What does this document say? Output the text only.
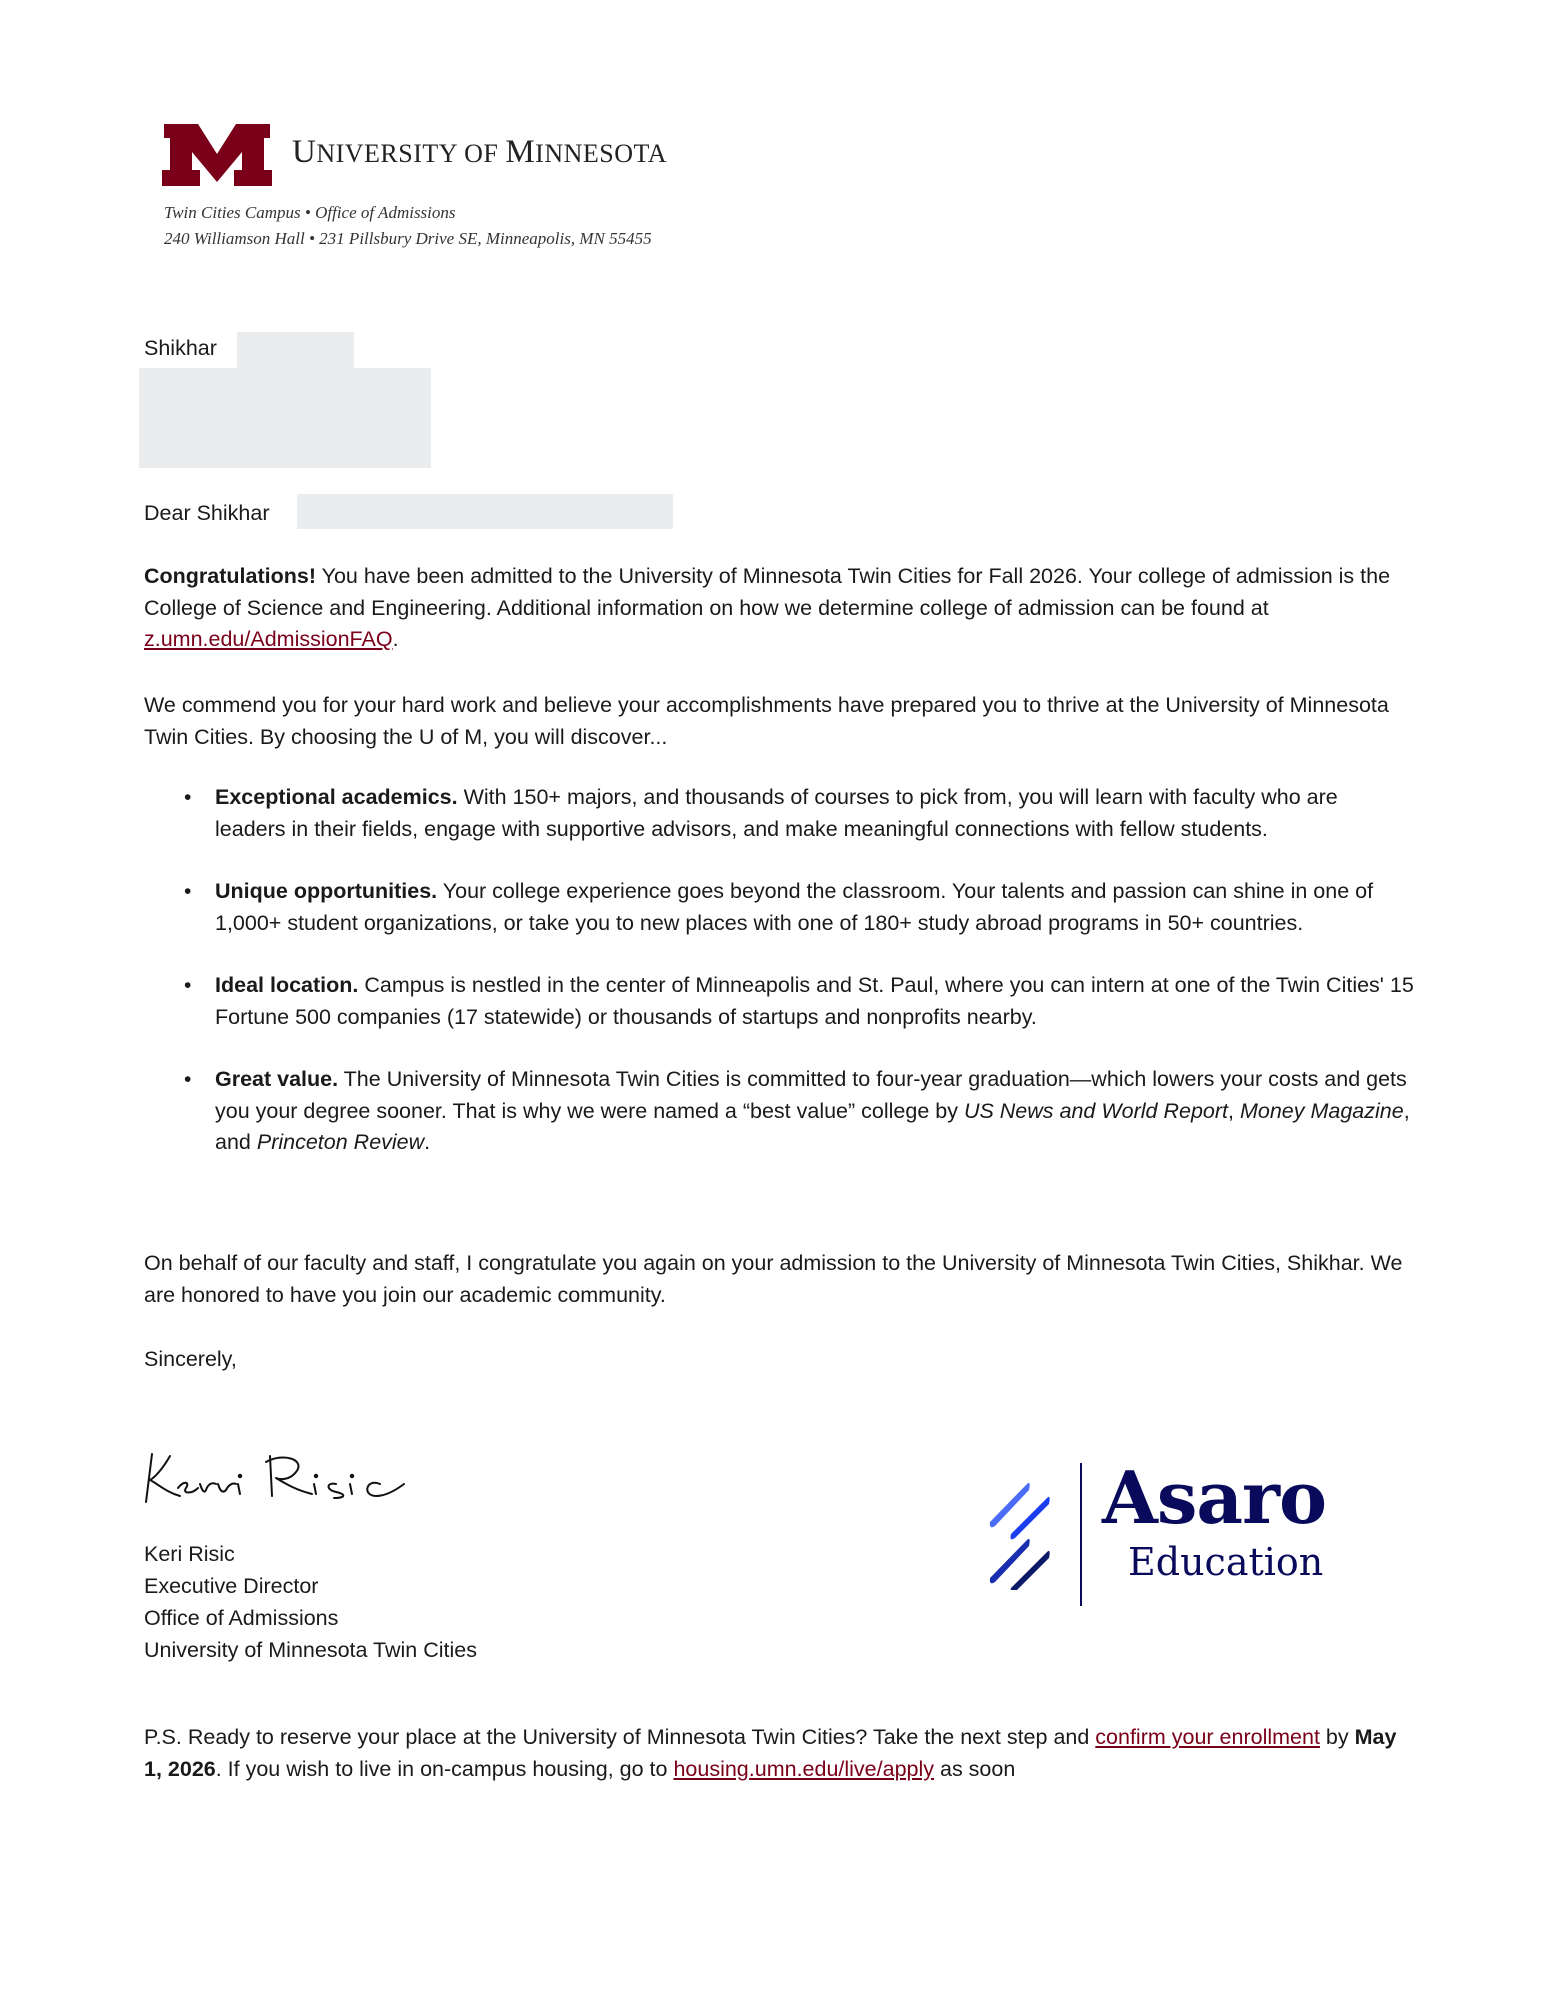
UNIVERSITY OF MINNESOTA
Twin Cities Campus • Office of Admissions
240 Williamson Hall • 231 Pillsbury Drive SE, Minneapolis, MN 55455
Shikhar
Dear Shikhar
Congratulations! You have been admitted to the University of Minnesota Twin Cities for Fall 2026. Your college of admission is the College of Science and Engineering. Additional information on how we determine college of admission can be found at z.umn.edu/AdmissionFAQ.
We commend you for your hard work and believe your accomplishments have prepared you to thrive at the University of Minnesota Twin Cities. By choosing the U of M, you will discover...
• Exceptional academics. With 150+ majors, and thousands of courses to pick from, you will learn with faculty who are leaders in their fields, engage with supportive advisors, and make meaningful connections with fellow students.
• Unique opportunities. Your college experience goes beyond the classroom. Your talents and passion can shine in one of 1,000+ student organizations, or take you to new places with one of 180+ study abroad programs in 50+ countries.
• Ideal location. Campus is nestled in the center of Minneapolis and St. Paul, where you can intern at one of the Twin Cities' 15 Fortune 500 companies (17 statewide) or thousands of startups and nonprofits nearby.
• Great value. The University of Minnesota Twin Cities is committed to four-year graduation—which lowers your costs and gets you your degree sooner. That is why we were named a “best value” college by US News and World Report, Money Magazine, and Princeton Review.
On behalf of our faculty and staff, I congratulate you again on your admission to the University of Minnesota Twin Cities, Shikhar. We are honored to have you join our academic community.
Sincerely,
Keri Risic
Executive Director
Office of Admissions
University of Minnesota Twin Cities
Asaro
Education
P.S. Ready to reserve your place at the University of Minnesota Twin Cities? Take the next step and confirm your enrollment by May 1, 2026. If you wish to live in on-campus housing, go to housing.umn.edu/live/apply as soon
